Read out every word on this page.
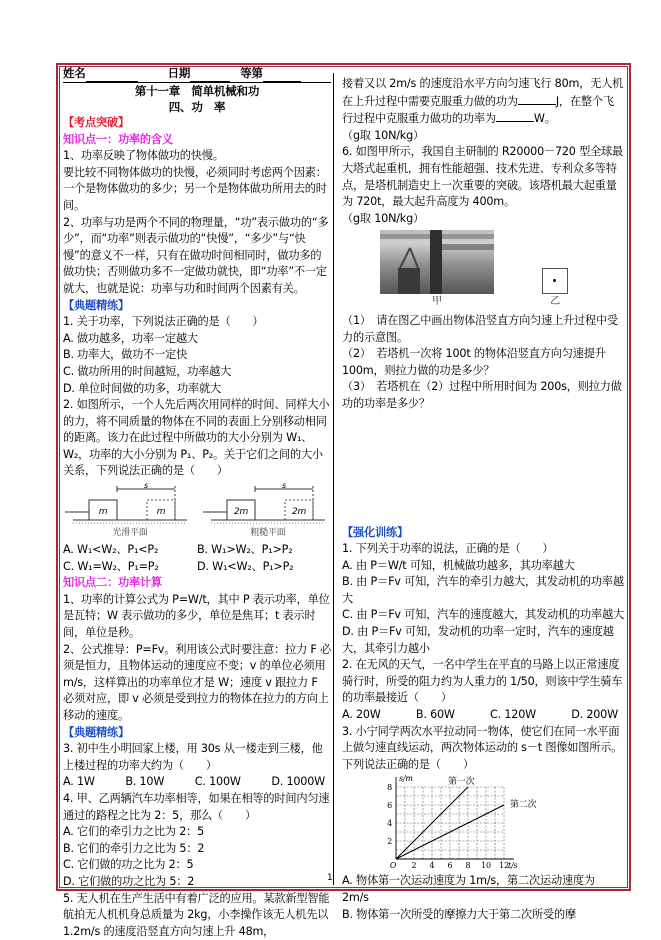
姓名	日期	等第
第十一章　简单机械和功
四、功　率

【考点突破】

知识点一：功率的含义

1、功率反映了物体做功的快慢。

要比较不同物体做功的快慢，必须同时考虑两个因素：一个是物体做功的多少；另一个是物体做功所用去的时间。

2、功率与功是两个不同的物理量，“功”表示做功的“多少”，而“功率”则表示做功的“快慢”，“多少”与“快慢”的意义不一样，只有在做功时间相同时，做功多的做功快；否则做功多不一定做功就快，即“功率”不一定就大，也就是说：功率与功和时间两个因素有关。

【典题精练】

1. 关于功率，下列说法正确的是（　　）

A. 做功越多，功率一定越大

B. 功率大，做功不一定快

C. 做功所用的时间越短，功率越大

D. 单位时间做的功多，功率就大

2. 如图所示，一个人先后两次用同样的时间、同样大小的力，将不同质量的物体在不同的表面上分别移动相同的距离。该力在此过程中所做功的大小分别为 W₁、W₂，功率的大小分别为 P₁、P₂。关于它们之间的大小关系，下列说法正确的是（　　）

s
m	m
光滑平面
s
2m	2m
粗糙平面
A. W₁<W₂、P₁<P₂	B. W₁>W₂、P₁>P₂
C. W₁=W₂、P₁=P₂	D. W₁<W₂、P₁>P₂

知识点二：功率计算

1、功率的计算公式为 P=W/t，其中 P 表示功率，单位是瓦特；W 表示做功的多少，单位是焦耳；t 表示时间，单位是秒。

2、公式推导：P=Fv。利用该公式时要注意：拉力 F 必须是恒力，且物体运动的速度应不变；v 的单位必须用 m/s，这样算出的功率单位才是 W；速度 v 跟拉力 F 必须对应，即 v 必须是受到拉力的物体在拉力的方向上移动的速度。

【典题精练】

3. 初中生小明回家上楼，用 30s 从一楼走到三楼，他上楼过程的功率大约为（　　）

A. 1W	B. 10W	C. 100W	D. 1000W

4. 甲、乙两辆汽车功率相等，如果在相等的时间内匀速通过的路程之比为 2：5，那么（　　）

A. 它们的牵引力之比为 2：5

B. 它们的牵引力之比为 5：2

C. 它们做的功之比为 2：5

D. 它们做的功之比为 5：2

5. 无人机在生产生活中有着广泛的应用。某款新型智能航拍无人机机身总质量为 2kg，小李操作该无人机先以 1.2m/s 的速度沿竖直方向匀速上升 48m，

接着又以 2m/s 的速度沿水平方向匀速飞行 80m，无人机在上升过程中需要克服重力做的功为	J，在整个飞行过程中克服重力做功的功率为	W。

（g取 10N/kg）

6. 如图甲所示，我国自主研制的 R20000－720 型全球最大塔式起重机，拥有性能超强、技术先进、专利众多等特点，是塔机制造史上一次重要的突破。该塔机最大起重量为 720t，最大起升高度为 400m。

（g取 10N/kg）

甲	乙

（1）　请在图乙中画出物体沿竖直方向匀速上升过程中受力的示意图。

（2）　若塔机一次将 100t 的物体沿竖直方向匀速提升 100m，则拉力做的功是多少？

（3）　若塔机在（2）过程中所用时间为 200s，则拉力做功的功率是多少？

【强化训练】

1. 下列关于功率的说法，正确的是（　　）

A. 由 P＝W/t 可知，机械做功越多，其功率越大

B. 由 P＝Fv 可知，汽车的牵引力越大，其发动机的功率越大

C. 由 P＝Fv 可知，汽车的速度越大，其发动机的功率越大

D. 由 P＝Fv 可知，发动机的功率一定时，汽车的速度越大，其牵引力越小

2. 在无风的天气，一名中学生在平直的马路上以正常速度骑行时，所受的阻力约为人重力的 1/50，则该中学生骑车的功率最接近（　　）

A. 20W	B. 60W	C. 120W	D. 200W

3. 小宁同学两次水平拉动同一物体，使它们在同一水平面上做匀速直线运动，两次物体运动的 s－t 图像如图所示。下列说法正确的是（　　）

第一次
第二次
s/m
t/s
O 2 4 6 8 10 12
2
4
6
8

A. 物体第一次运动速度为 1m/s，第二次运动速度为 2m/s

B. 物体第一次所受的摩擦力大于第二次所受的摩

1
